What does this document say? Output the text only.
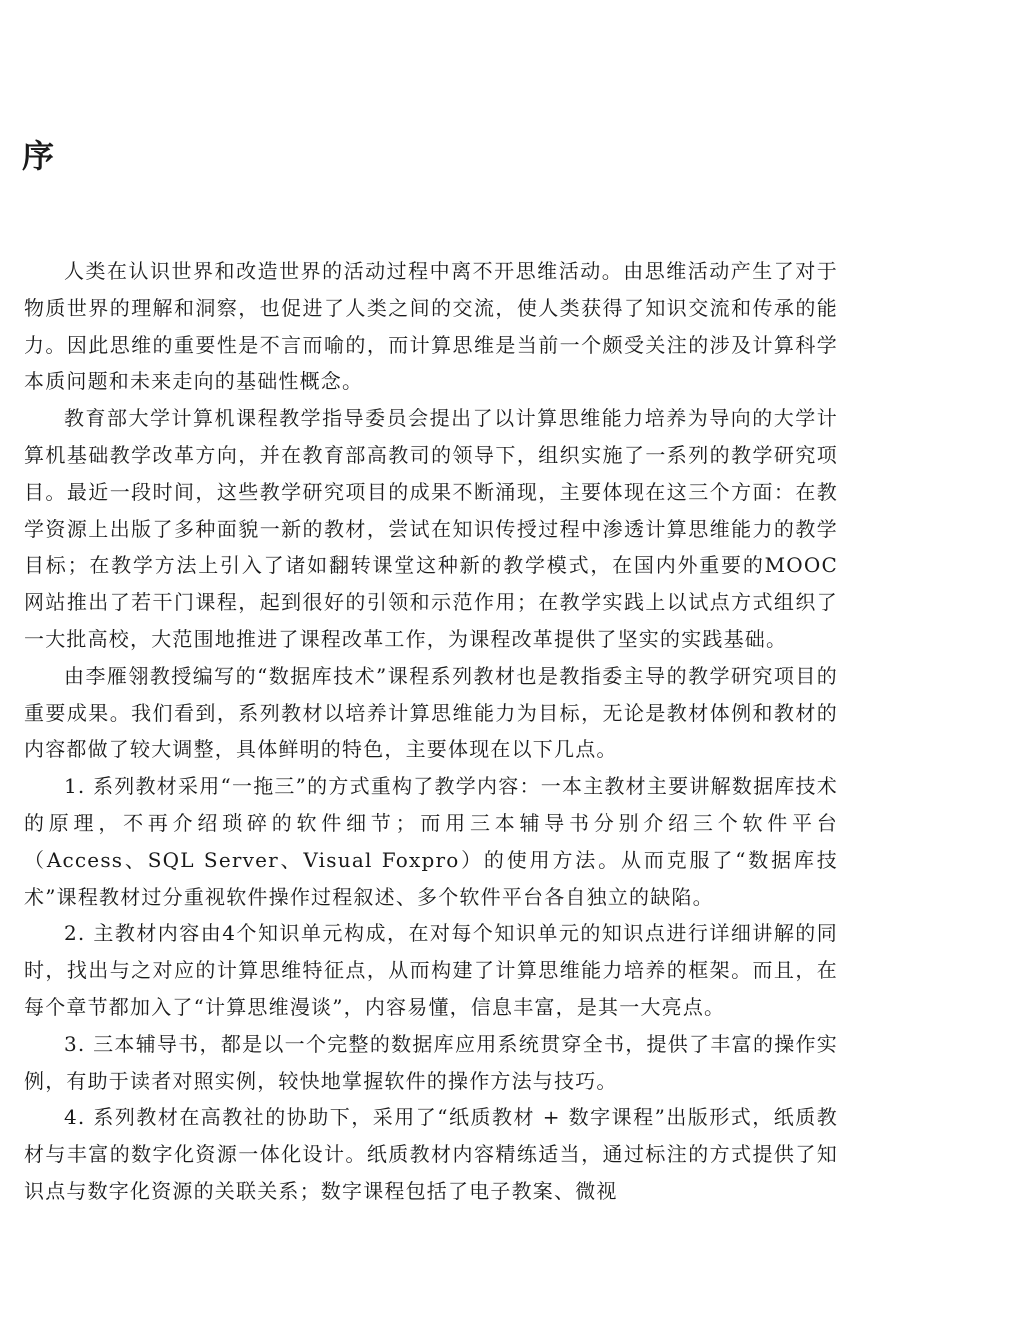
序

人类在认识世界和改造世界的活动过程中离不开思维活动。由思维活动产生了对于物质世界的理解和洞察，也促进了人类之间的交流，使人类获得了知识交流和传承的能力。因此思维的重要性是不言而喻的，而计算思维是当前一个颇受关注的涉及计算科学本质问题和未来走向的基础性概念。

教育部大学计算机课程教学指导委员会提出了以计算思维能力培养为导向的大学计算机基础教学改革方向，并在教育部高教司的领导下，组织实施了一系列的教学研究项目。最近一段时间，这些教学研究项目的成果不断涌现，主要体现在这三个方面：在教学资源上出版了多种面貌一新的教材，尝试在知识传授过程中渗透计算思维能力的教学目标；在教学方法上引入了诸如翻转课堂这种新的教学模式，在国内外重要的MOOC网站推出了若干门课程，起到很好的引领和示范作用；在教学实践上以试点方式组织了一大批高校，大范围地推进了课程改革工作，为课程改革提供了坚实的实践基础。

由李雁翎教授编写的“数据库技术”课程系列教材也是教指委主导的教学研究项目的重要成果。我们看到，系列教材以培养计算思维能力为目标，无论是教材体例和教材的内容都做了较大调整，具体鲜明的特色，主要体现在以下几点。

1. 系列教材采用“一拖三”的方式重构了教学内容：一本主教材主要讲解数据库技术的原理，不再介绍琐碎的软件细节；而用三本辅导书分别介绍三个软件平台（Access、SQL Server、Visual Foxpro）的使用方法。从而克服了“数据库技术”课程教材过分重视软件操作过程叙述、多个软件平台各自独立的缺陷。

2. 主教材内容由4个知识单元构成，在对每个知识单元的知识点进行详细讲解的同时，找出与之对应的计算思维特征点，从而构建了计算思维能力培养的框架。而且，在每个章节都加入了“计算思维漫谈”，内容易懂，信息丰富，是其一大亮点。

3. 三本辅导书，都是以一个完整的数据库应用系统贯穿全书，提供了丰富的操作实例，有助于读者对照实例，较快地掌握软件的操作方法与技巧。

4. 系列教材在高教社的协助下，采用了“纸质教材 + 数字课程”出版形式，纸质教材与丰富的数字化资源一体化设计。纸质教材内容精练适当，通过标注的方式提供了知识点与数字化资源的关联关系；数字课程包括了电子教案、微视
